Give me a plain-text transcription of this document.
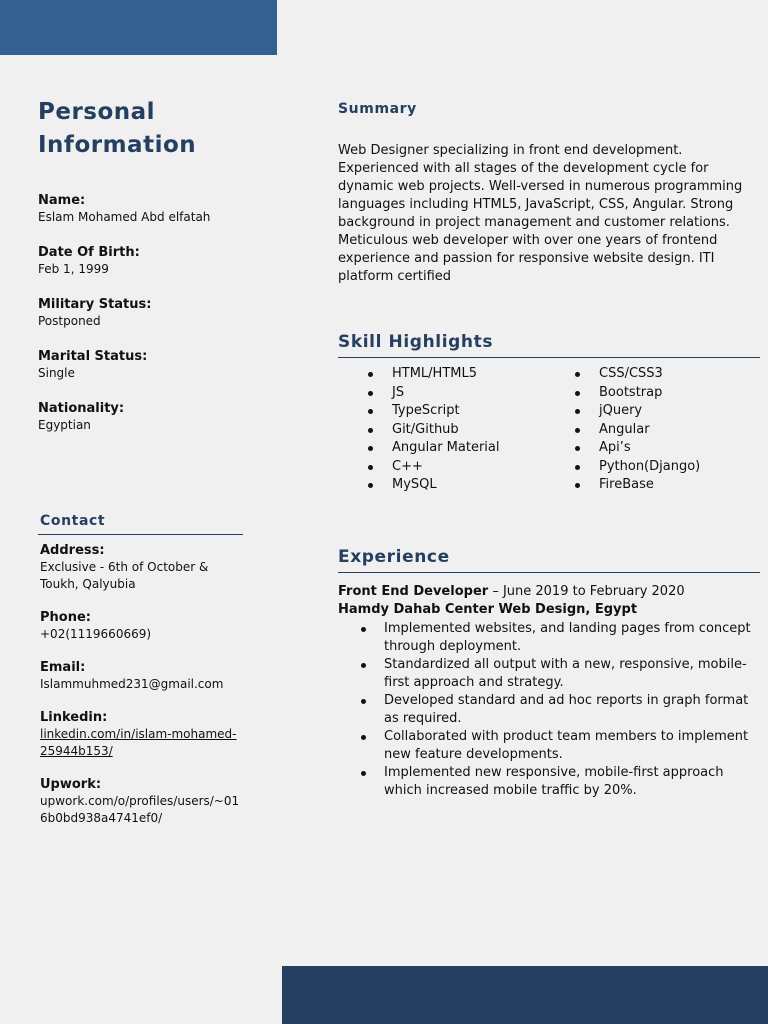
Personal
Information
Name:
Eslam Mohamed Abd elfatah
Date Of Birth:
Feb 1, 1999
Military Status:
Postponed
Marital Status:
Single
Nationality:
Egyptian
Contact
Address:
Exclusive - 6th of October &
Toukh, Qalyubia
Phone:
+02(1119660669)
Email:
Islammuhmed231@gmail.com
Linkedin:
linkedin.com/in/islam-mohamed-
25944b153/
Upwork:
upwork.com/o/profiles/users/~01
6b0bd938a4741ef0/
Summary

Web Designer specializing in front end development. Experienced with all stages of the development cycle for dynamic web projects. Well-versed in numerous programming languages including HTML5, JavaScript, CSS, Angular. Strong background in project management and customer relations. Meticulous web developer with over one years of frontend experience and passion for responsive website design. ITI platform certified

Skill Highlights
HTML/HTML5
JS
TypeScript
Git/Github
Angular Material
C++
MySQL
CSS/CSS3
Bootstrap
jQuery
Angular
Api’s
Python(Django)
FireBase
Experience
Front End Developer – June 2019 to February 2020
Hamdy Dahab Center Web Design, Egypt
Implemented websites, and landing pages from concept through deployment.
Standardized all output with a new, responsive, mobile-first approach and strategy.
Developed standard and ad hoc reports in graph format as required.
Collaborated with product team members to implement new feature developments.
Implemented new responsive, mobile-first approach which increased mobile traffic by 20%.
